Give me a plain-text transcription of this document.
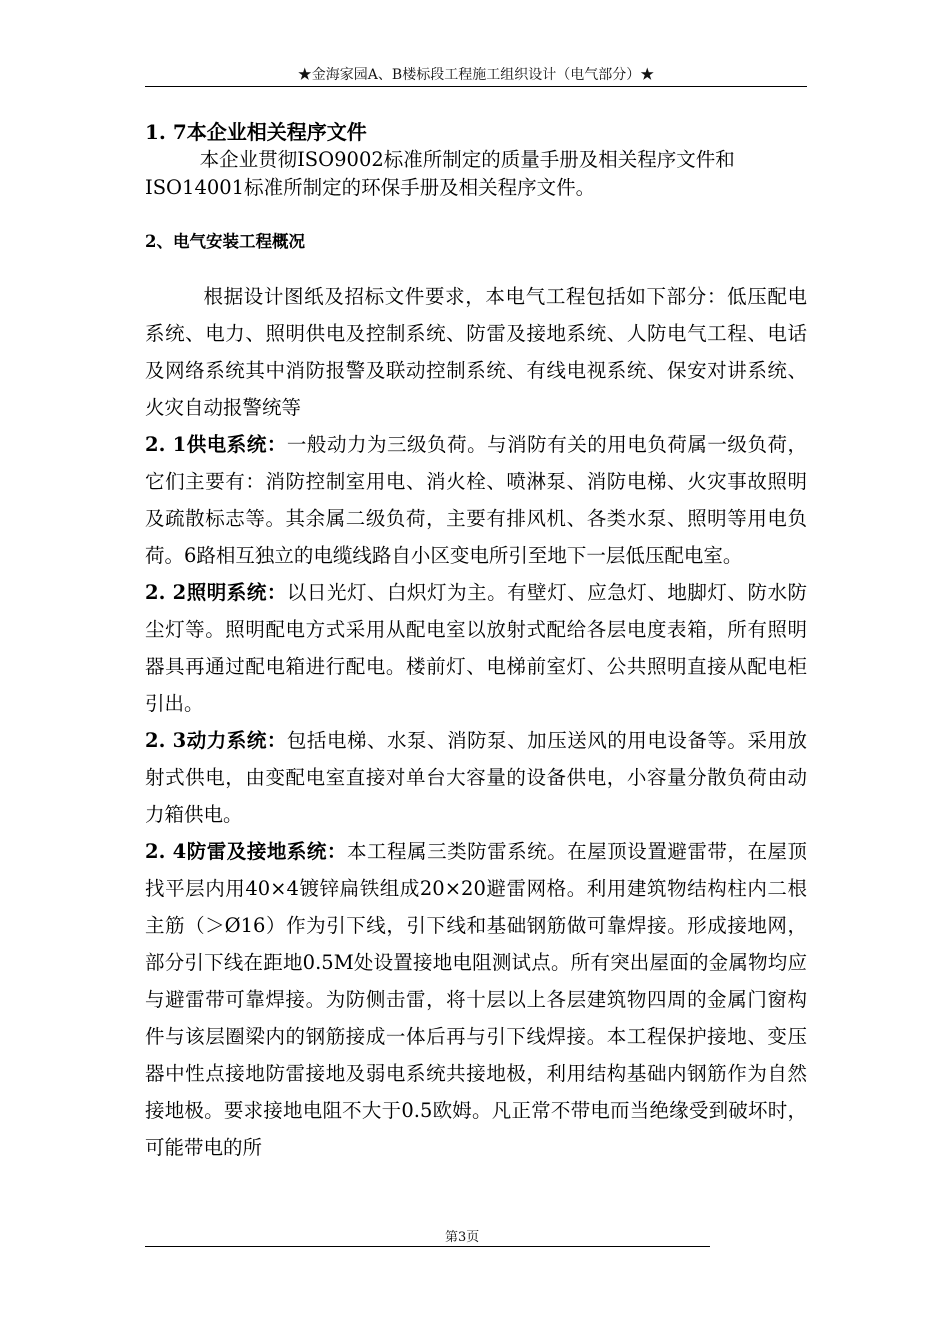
★金海家园A、B楼标段工程施工组织设计（电气部分）★

1. 7本企业相关程序文件

本企业贯彻ISO9002标准所制定的质量手册及相关程序文件和ISO14001标准所制定的环保手册及相关程序文件。

2、电气安装工程概况

根据设计图纸及招标文件要求，本电气工程包括如下部分：低压配电系统、电力、照明供电及控制系统、防雷及接地系统、人防电气工程、电话及网络系统其中消防报警及联动控制系统、有线电视系统、保安对讲系统、火灾自动报警统等

2. 1供电系统：一般动力为三级负荷。与消防有关的用电负荷属一级负荷，它们主要有：消防控制室用电、消火栓、喷淋泵、消防电梯、火灾事故照明及疏散标志等。其余属二级负荷，主要有排风机、各类水泵、照明等用电负荷。6路相互独立的电缆线路自小区变电所引至地下一层低压配电室。

2. 2照明系统：以日光灯、白炽灯为主。有壁灯、应急灯、地脚灯、防水防尘灯等。照明配电方式采用从配电室以放射式配给各层电度表箱，所有照明器具再通过配电箱进行配电。楼前灯、电梯前室灯、公共照明直接从配电柜引出。

2. 3动力系统：包括电梯、水泵、消防泵、加压送风的用电设备等。采用放射式供电，由变配电室直接对单台大容量的设备供电，小容量分散负荷由动力箱供电。

2. 4防雷及接地系统：本工程属三类防雷系统。在屋顶设置避雷带，在屋顶找平层内用40×4镀锌扁铁组成20×20避雷网格。利用建筑物结构柱内二根主筋（＞Ø16）作为引下线，引下线和基础钢筋做可靠焊接。形成接地网，部分引下线在距地0.5M处设置接地电阻测试点。所有突出屋面的金属物均应与避雷带可靠焊接。为防侧击雷，将十层以上各层建筑物四周的金属门窗构件与该层圈梁内的钢筋接成一体后再与引下线焊接。本工程保护接地、变压器中性点接地防雷接地及弱电系统共接地极，利用结构基础内钢筋作为自然接地极。要求接地电阻不大于0.5欧姆。凡正常不带电而当绝缘受到破坏时，可能带电的所

第3页
